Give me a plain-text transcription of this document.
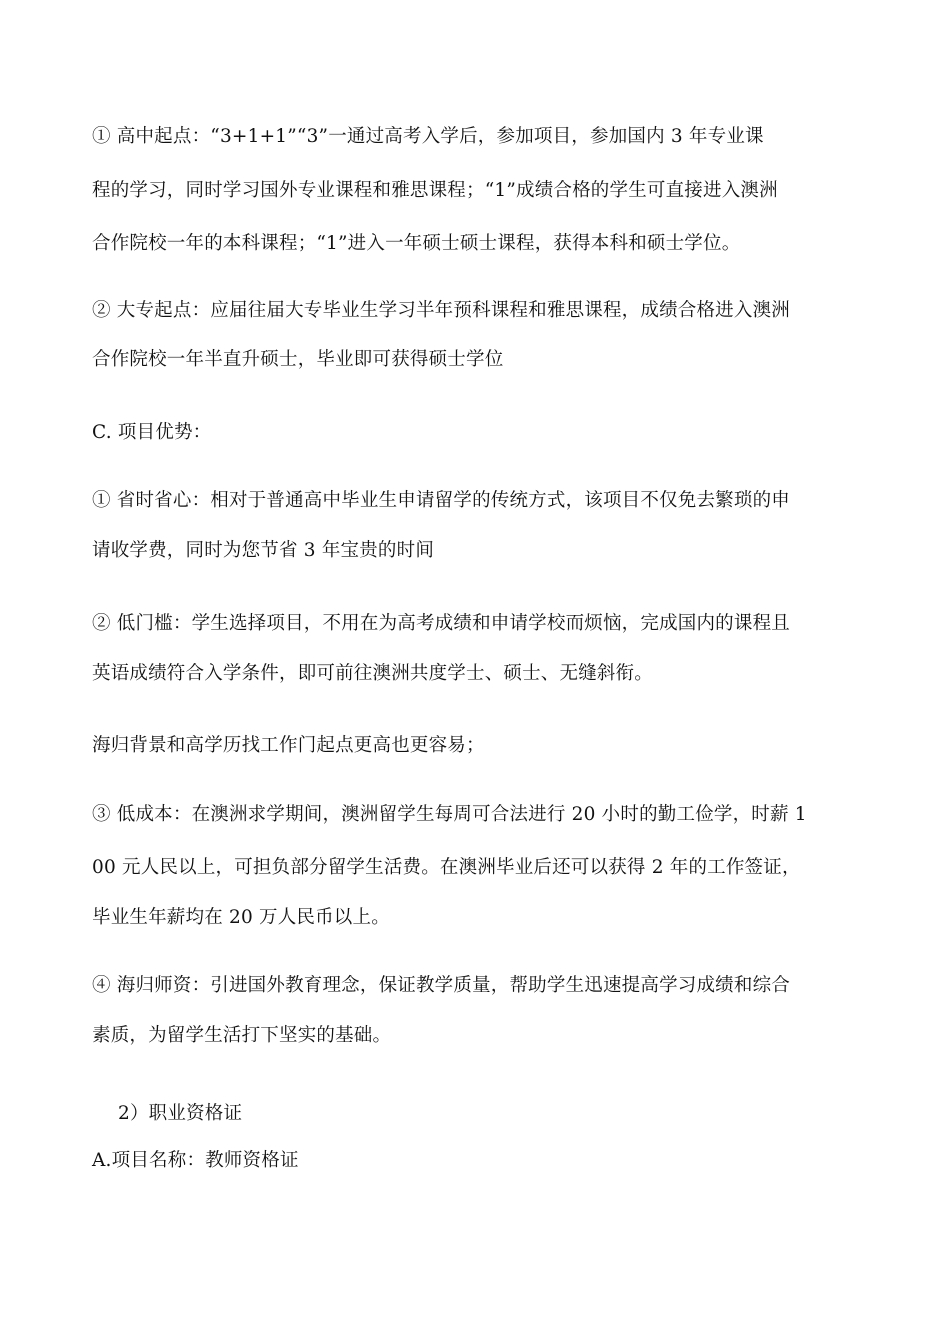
① 高中起点：“3+1+1”“3”一通过高考入学后，参加项目，参加国内 3 年专业课
程的学习，同时学习国外专业课程和雅思课程；“1”成绩合格的学生可直接进入澳洲
合作院校一年的本科课程；“1”进入一年硕士硕士课程，获得本科和硕士学位。
② 大专起点：应届往届大专毕业生学习半年预科课程和雅思课程，成绩合格进入澳洲
合作院校一年半直升硕士，毕业即可获得硕士学位
C. 项目优势：
① 省时省心：相对于普通高中毕业生申请留学的传统方式，该项目不仅免去繁琐的申
请收学费，同时为您节省 3 年宝贵的时间
② 低门槛：学生选择项目，不用在为高考成绩和申请学校而烦恼，完成国内的课程且
英语成绩符合入学条件，即可前往澳洲共度学士、硕士、无缝斜衔。
海归背景和高学历找工作门起点更高也更容易；
③ 低成本：在澳洲求学期间，澳洲留学生每周可合法进行 20 小时的勤工俭学，时薪 1
00 元人民以上，可担负部分留学生活费。在澳洲毕业后还可以获得 2 年的工作签证，
毕业生年薪均在 20 万人民币以上。
④ 海归师资：引进国外教育理念，保证教学质量，帮助学生迅速提高学习成绩和综合
素质，为留学生活打下坚实的基础。
2）职业资格证
A.项目名称：教师资格证
